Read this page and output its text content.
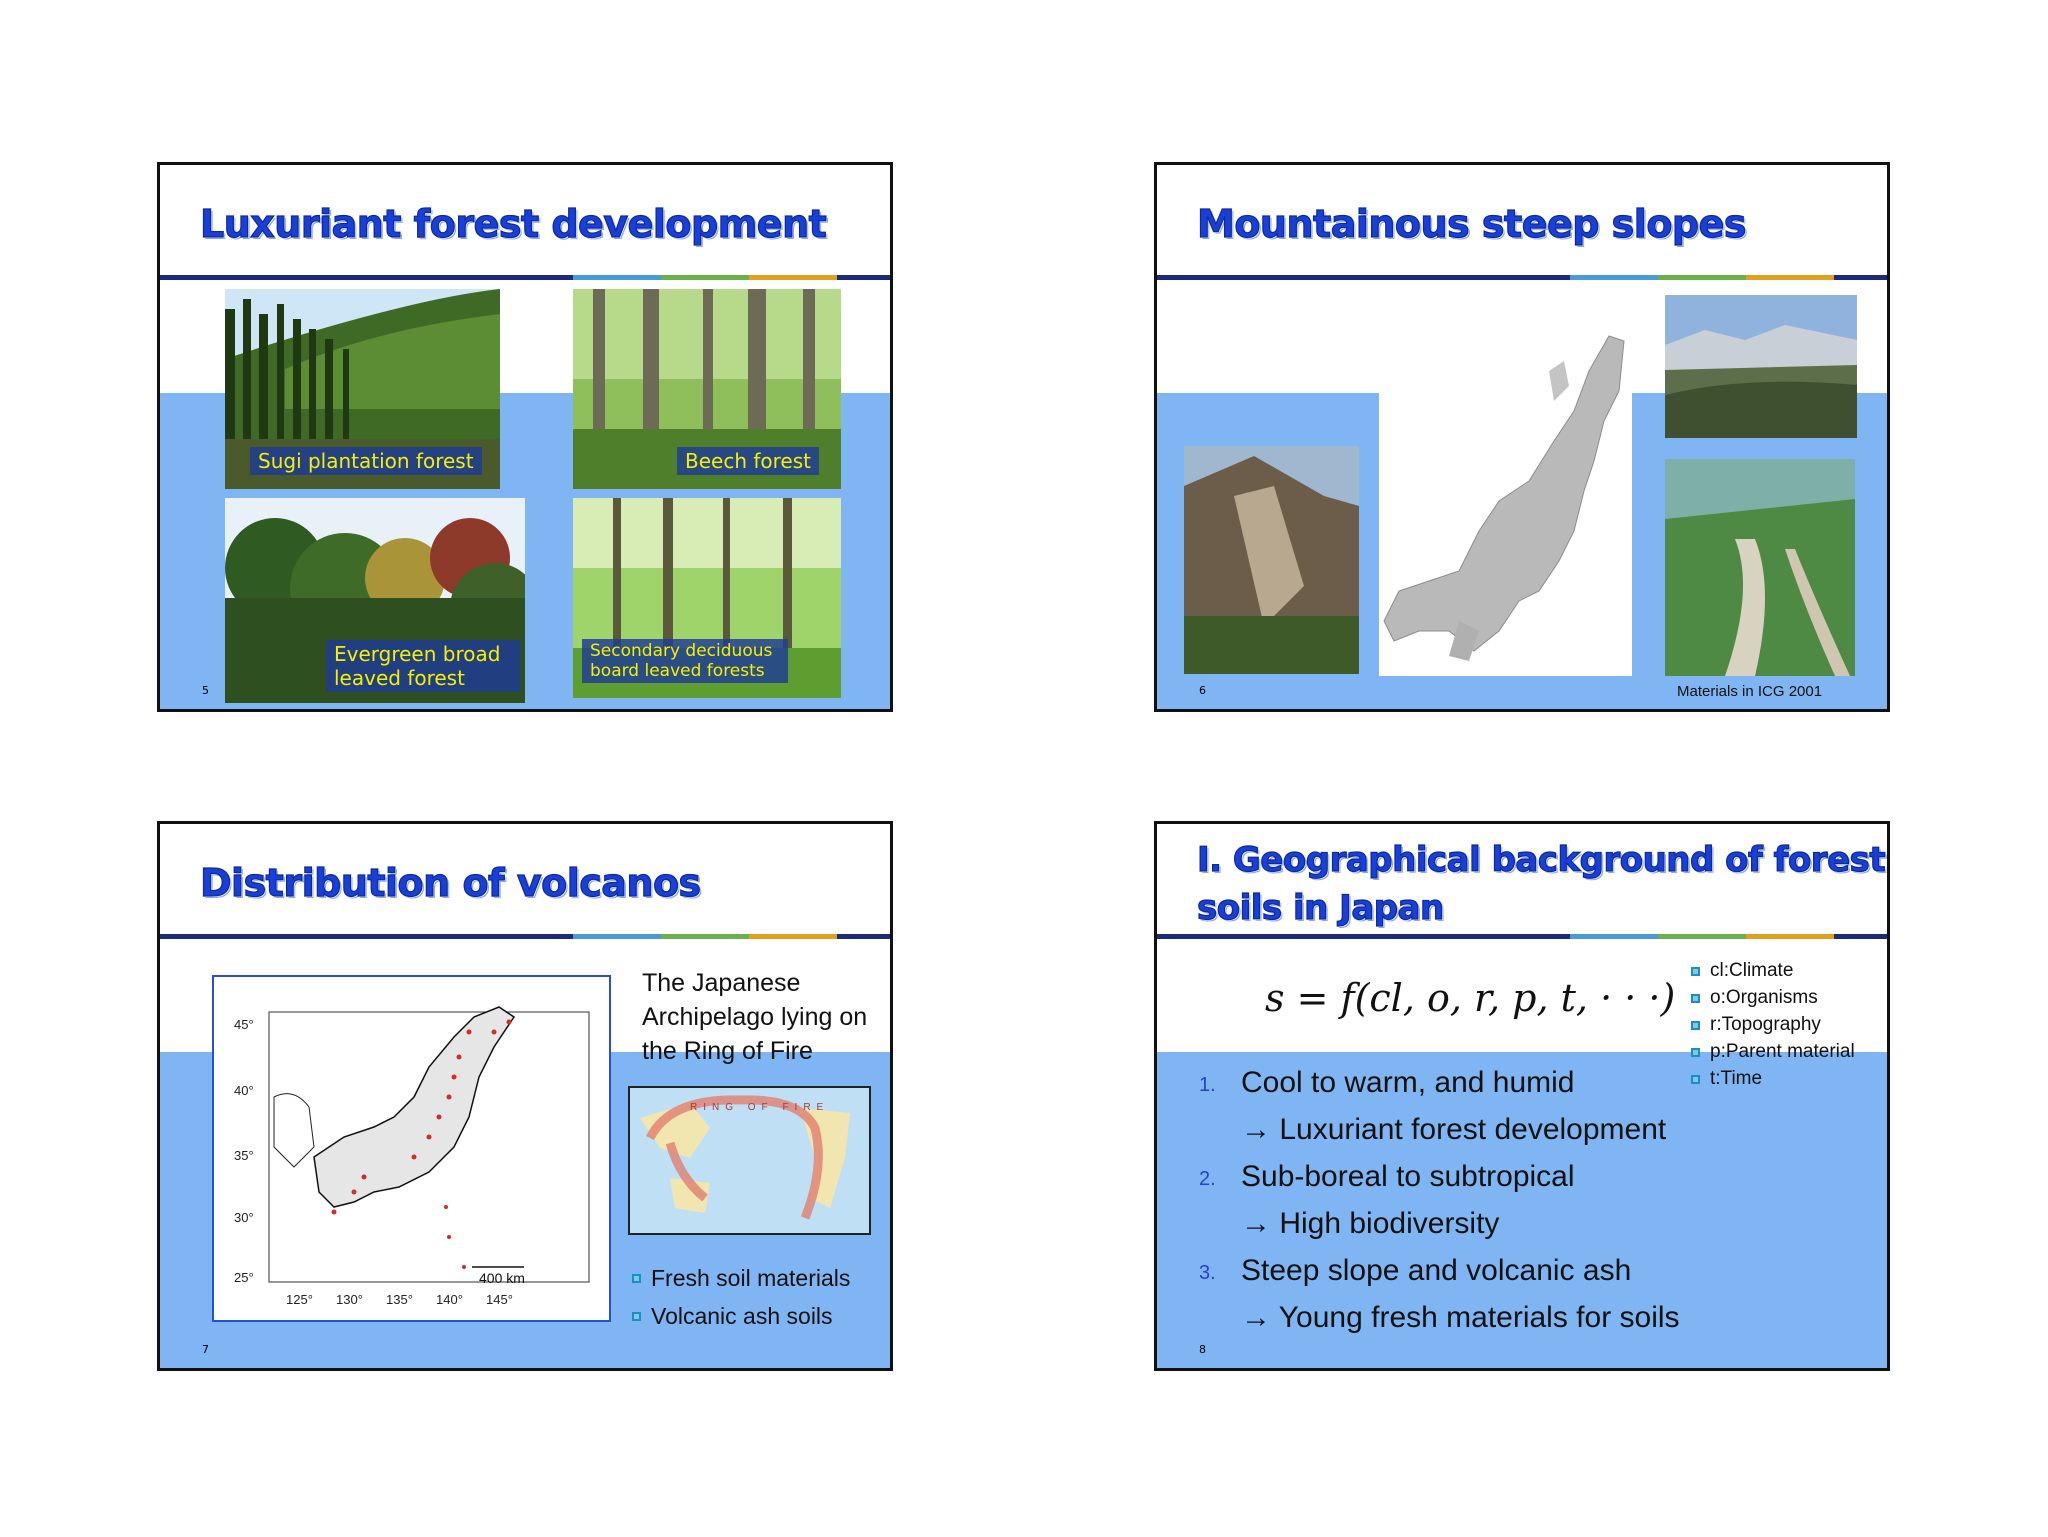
Luxuriant forest development
Sugi plantation forest	Beech forest
Evergreen broad leaved forest
Secondary deciduous board leaved forests
5
Mountainous steep slopes
Materials in ICG 2001
6
Distribution of volcanos
45°
40°
35°
30°
25°
125° 130° 135° 140° 145°
400 km
The Japanese Archipelago lying on the Ring of Fire
RING OF FIRE
Fresh soil materials
Volcanic ash soils
7
I. Geographical background of forest
soils in Japan
s = f(cl, o, r, p, t, · · ·)
cl:Climate
o:Organisms
r:Topography
p:Parent material
t:Time
1. Cool to warm, and humid
→ Luxuriant forest development
2. Sub-boreal to subtropical
→ High biodiversity
3. Steep slope and volcanic ash
→ Young fresh materials for soils
8
